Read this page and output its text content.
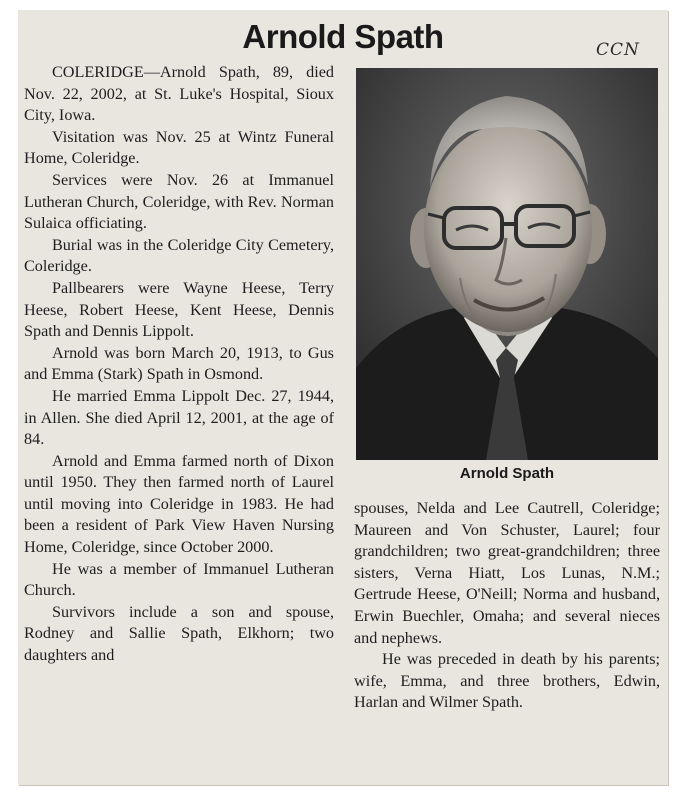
Arnold Spath	CCN

COLERIDGE—Arnold Spath, 89, died Nov. 22, 2002, at St. Luke's Hospital, Sioux City, Iowa.

Visitation was Nov. 25 at Wintz Funeral Home, Coleridge.

Services were Nov. 26 at Immanuel Lutheran Church, Coleridge, with Rev. Norman Sulaica officiating.

Burial was in the Coleridge City Cemetery, Coleridge.

Pallbearers were Wayne Heese, Terry Heese, Robert Heese, Kent Heese, Dennis Spath and Dennis Lippolt.

Arnold was born March 20, 1913, to Gus and Emma (Stark) Spath in Osmond.

He married Emma Lippolt Dec. 27, 1944, in Allen. She died April 12, 2001, at the age of 84.

Arnold and Emma farmed north of Dixon until 1950. They then farmed north of Laurel until moving into Coleridge in 1983. He had been a resident of Park View Haven Nursing Home, Coleridge, since October 2000.

He was a member of Immanuel Lutheran Church.

Survivors include a son and spouse, Rodney and Sallie Spath, Elkhorn; two daughters and

Arnold Spath

spouses, Nelda and Lee Cautrell, Coleridge; Maureen and Von Schuster, Laurel; four grandchildren; two great-grandchildren; three sisters, Verna Hiatt, Los Lunas, N.M.; Gertrude Heese, O'Neill; Norma and husband, Erwin Buechler, Omaha; and several nieces and nephews.

He was preceded in death by his parents; wife, Emma, and three brothers, Edwin, Harlan and Wilmer Spath.
